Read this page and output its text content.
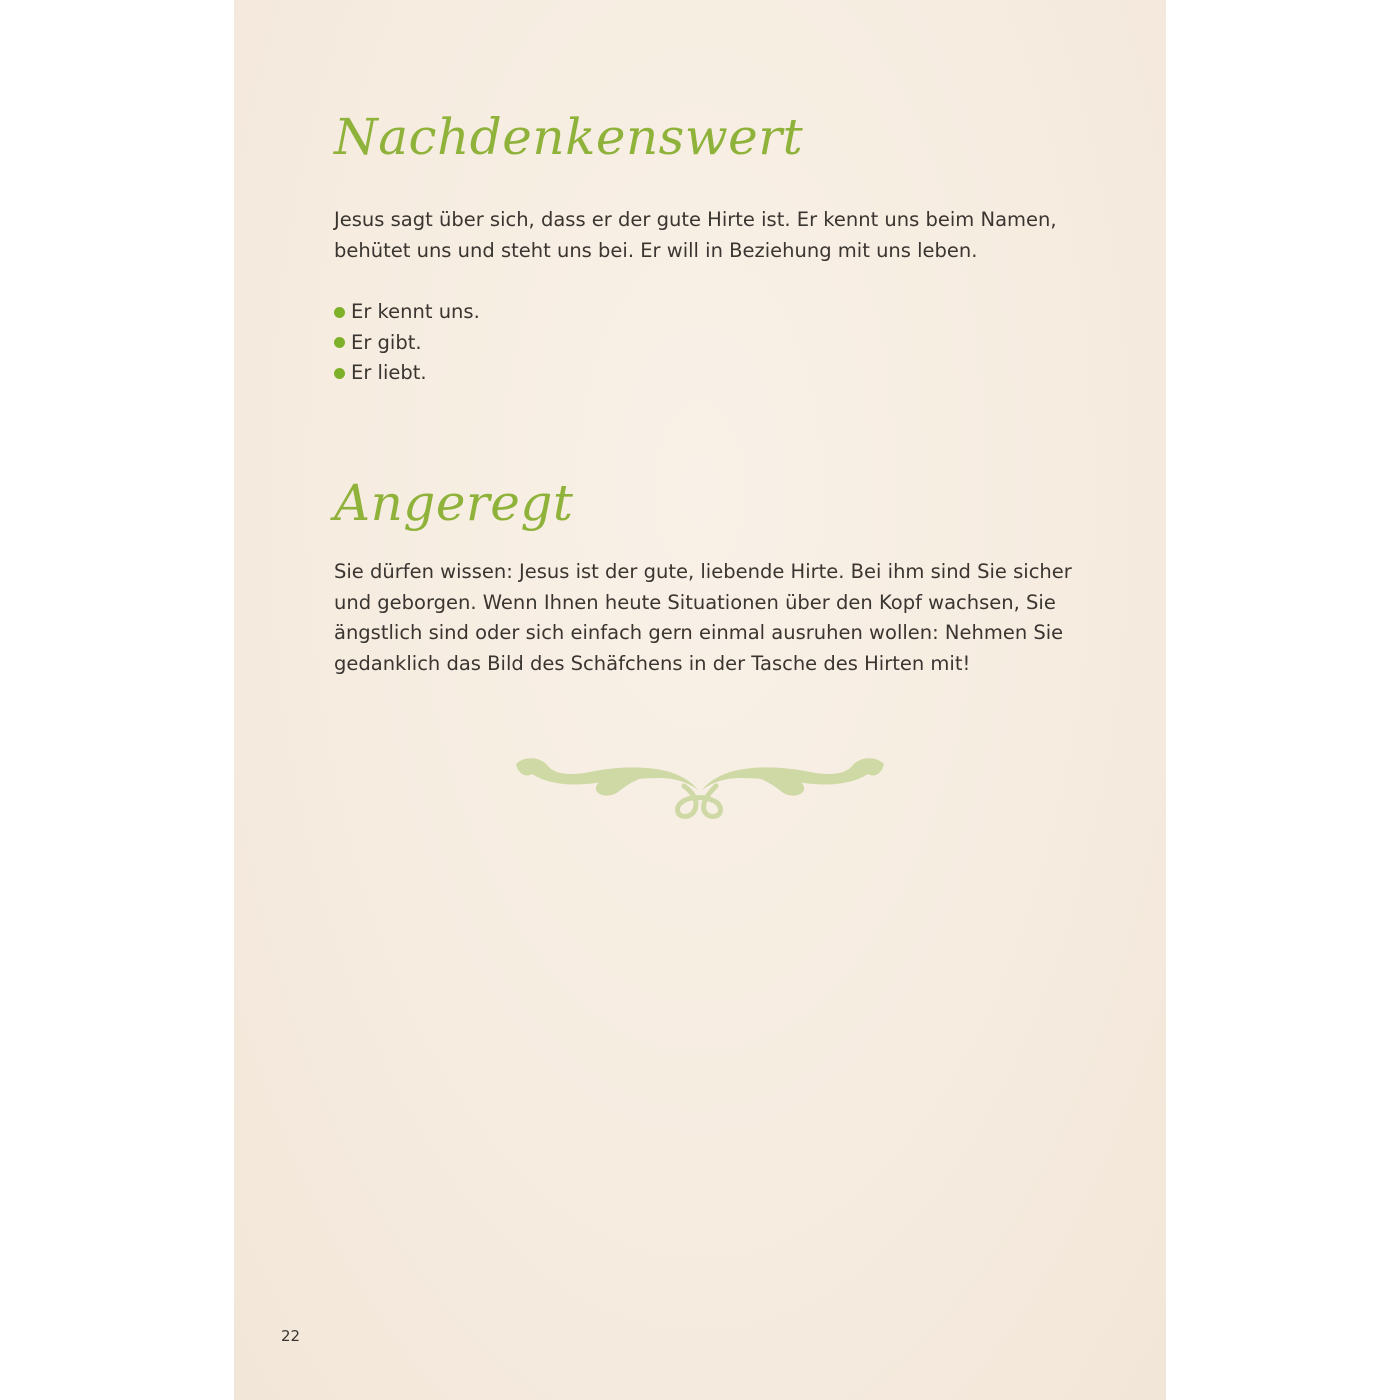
Nachdenkenswert

Jesus sagt über sich, dass er der gute Hirte ist. Er kennt uns beim Namen, behütet uns und steht uns bei. Er will in Beziehung mit uns leben.

Er kennt uns.
Er gibt.
Er liebt.
Angeregt

Sie dürfen wissen: Jesus ist der gute, liebende Hirte. Bei ihm sind Sie sicher und geborgen. Wenn Ihnen heute Situationen über den Kopf wachsen, Sie ängstlich sind oder sich einfach gern einmal ausruhen wollen: Nehmen Sie gedanklich das Bild des Schäfchens in der Tasche des Hirten mit!

22
